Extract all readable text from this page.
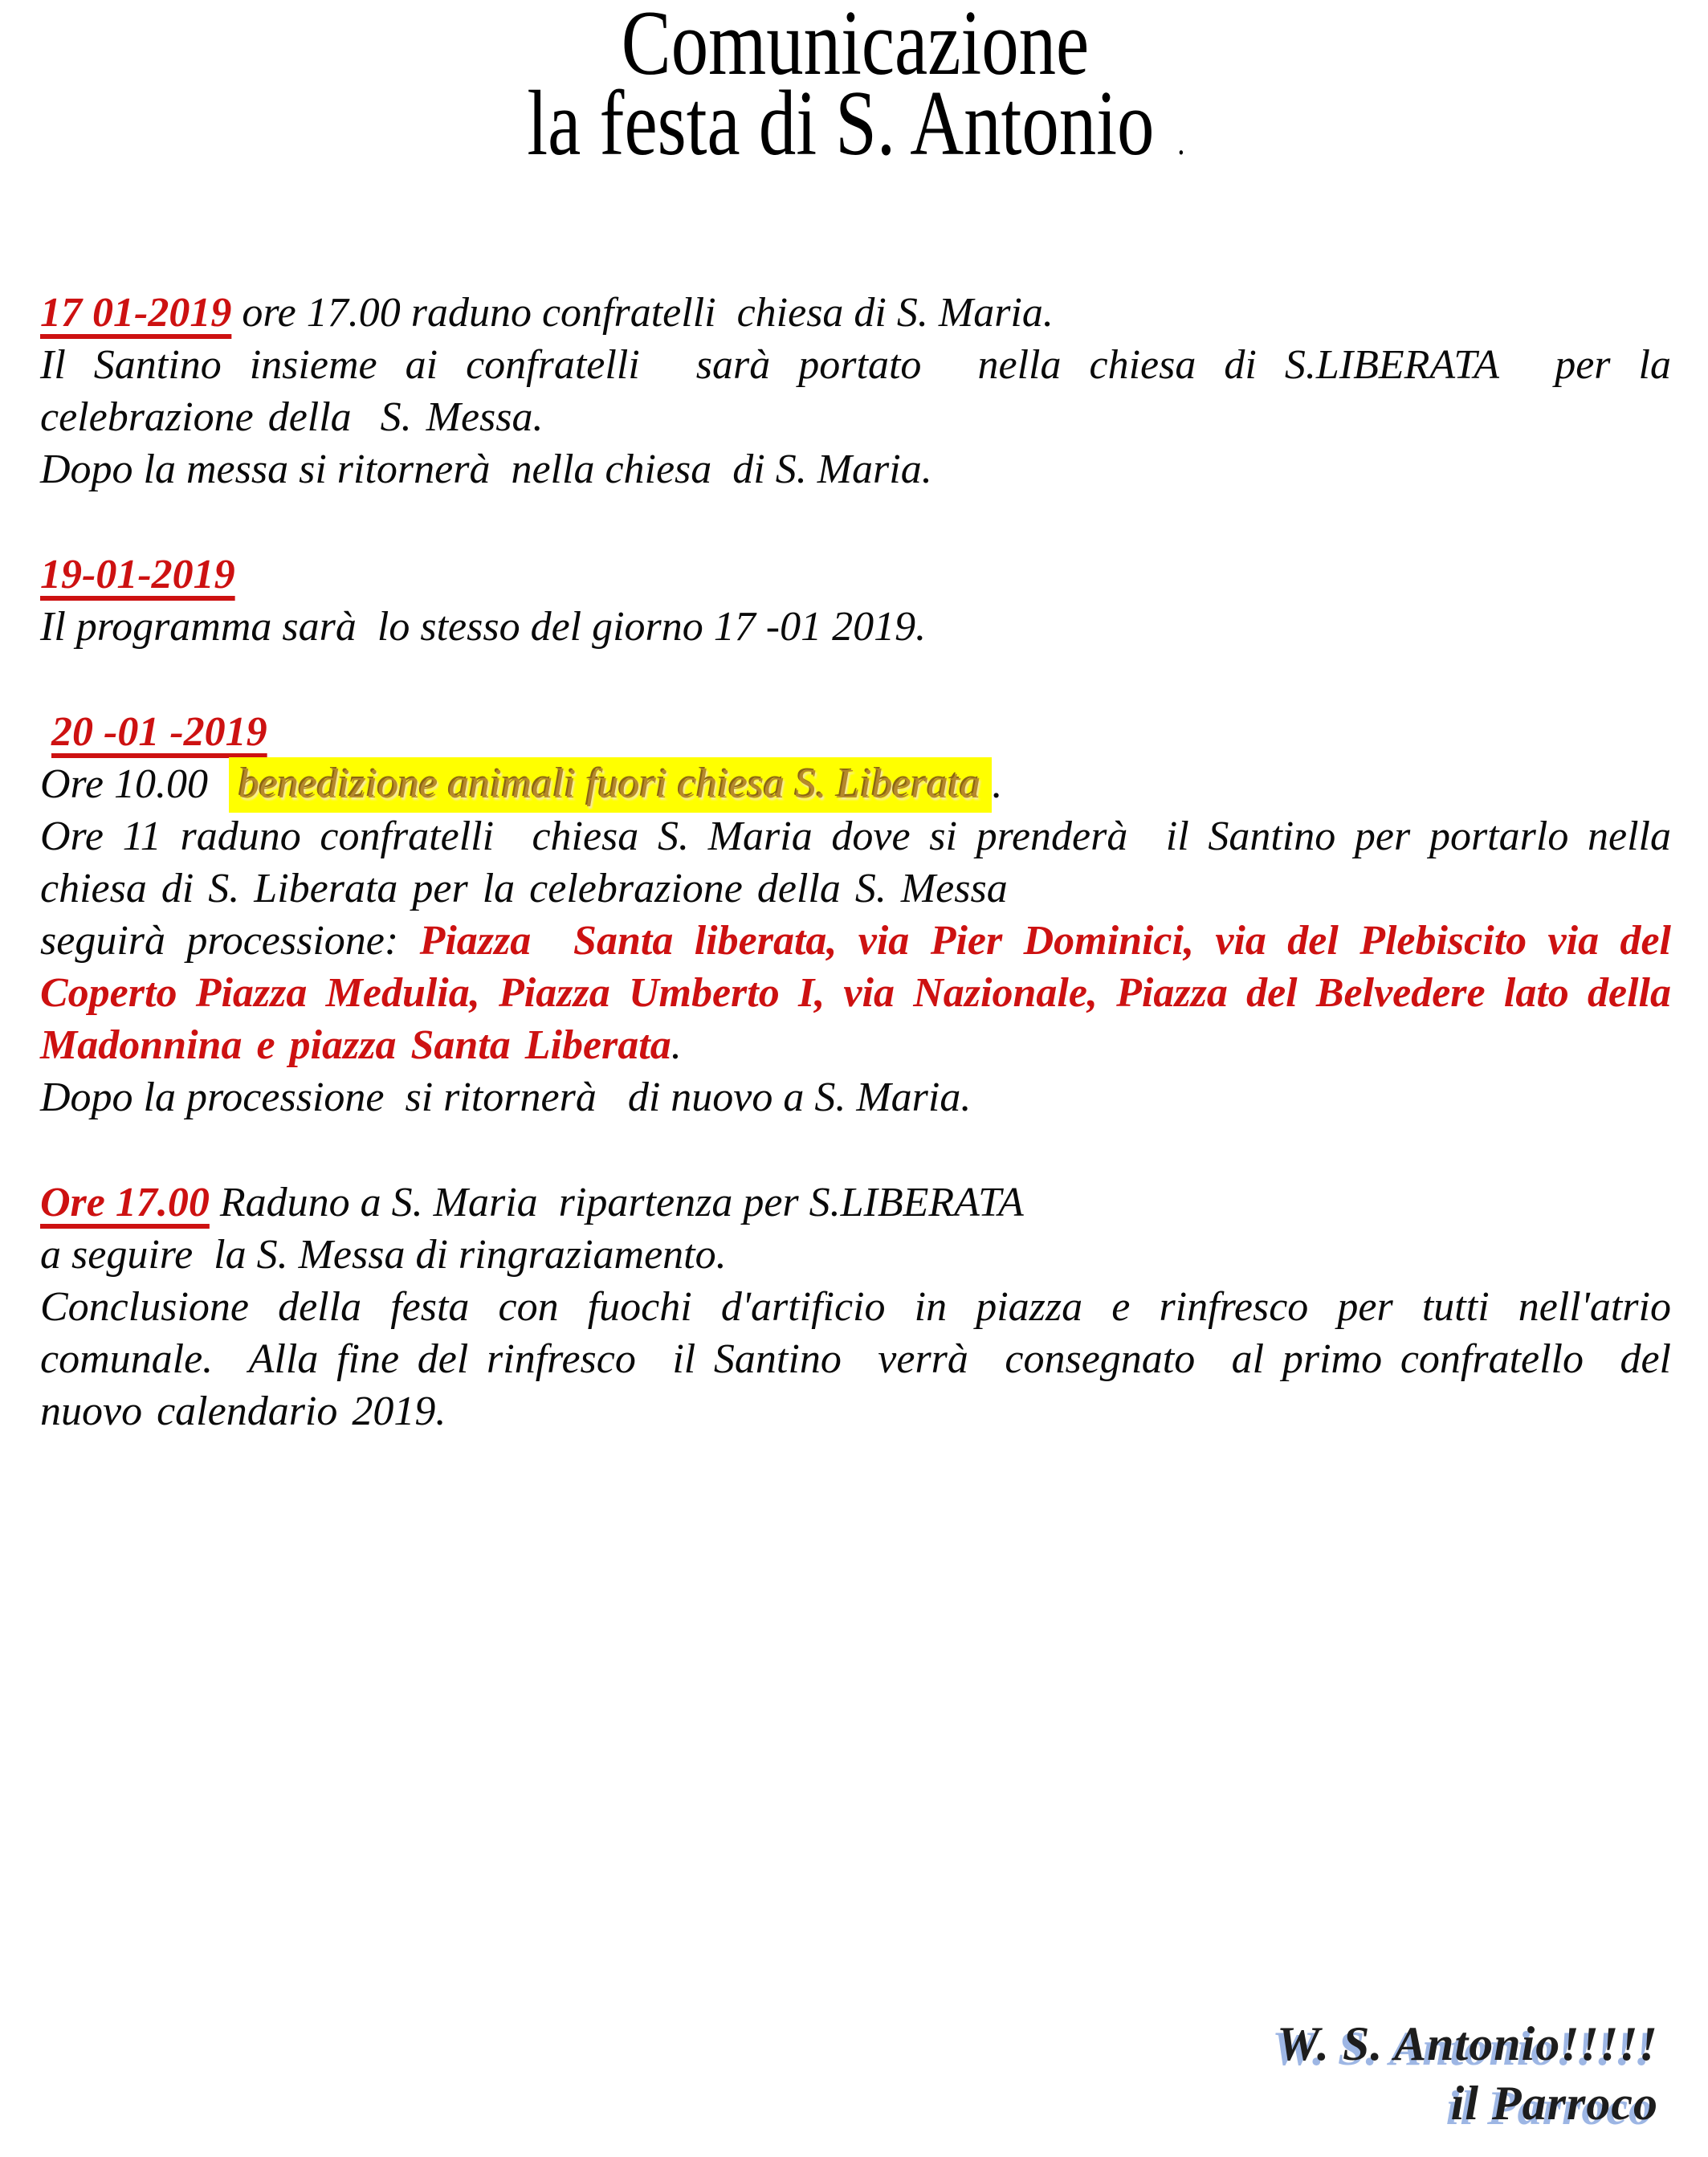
Comunicazione
la festa di S. Antonio .

17 01-2019 ore 17.00 raduno confratelli  chiesa di S. Maria.

Il Santino insieme ai confratelli  sarà portato  nella chiesa di S.LIBERATA  per la celebrazione della  S. Messa.

Dopo la messa si ritornerà  nella chiesa  di S. Maria.

19-01-2019

Il programma sarà  lo stesso del giorno 17 -01 2019.

20 -01 -2019

Ore 10.00  benedizione animali fuori chiesa S. Liberata .

Ore 11 raduno confratelli  chiesa S. Maria dove si prenderà  il Santino per portarlo nella chiesa di S. Liberata per la celebrazione della S. Messa

seguirà processione: Piazza  Santa liberata, via Pier Dominici, via del Plebiscito via del Coperto Piazza Medulia, Piazza Umberto I, via Nazionale, Piazza del Belvedere lato della Madonnina e piazza Santa Liberata.

Dopo la processione  si ritornerà   di nuovo a S. Maria.

Ore 17.00 Raduno a S. Maria  ripartenza per S.LIBERATA

a seguire  la S. Messa di ringraziamento.

Conclusione della festa con fuochi d'artificio in piazza e rinfresco per tutti nell'atrio comunale.  Alla fine del rinfresco  il Santino  verrà  consegnato  al primo confratello  del nuovo calendario 2019.

W. S. Antonio!!!!!
il Parroco
